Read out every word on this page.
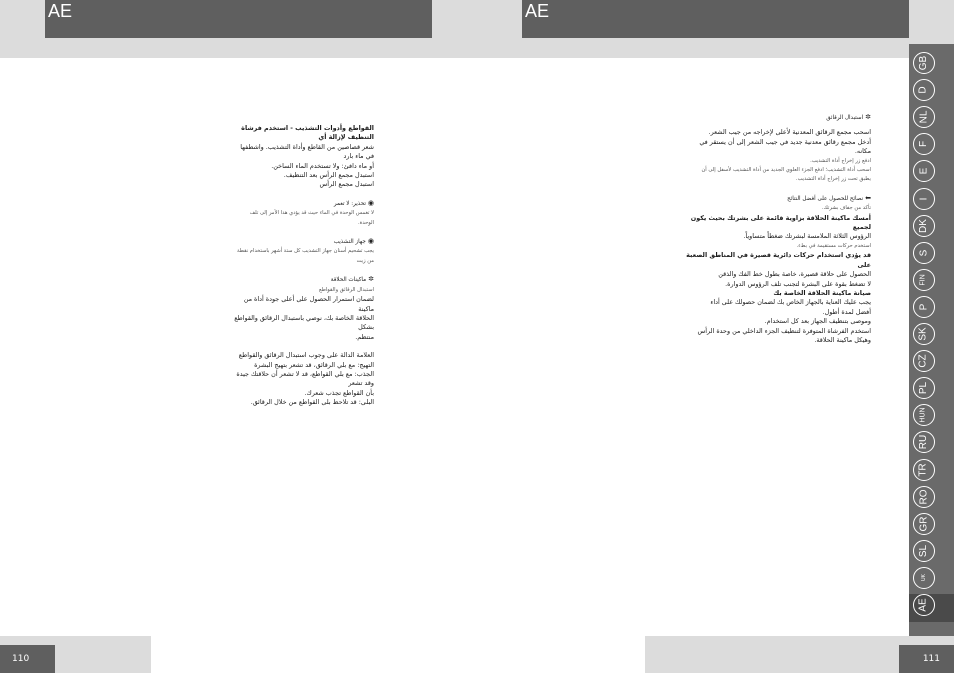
AE	AE

القواطع وأدوات التشذيب - استخدم فرشاة التنظيف لإزالة أي

شعر قصاصين من القاطع وأداة التشذيب. واشطفها في ماء بارد

أو ماء دافئ: ولا تستخدم الماء الساخن.

استبدل مجمع الرأس بعد التنظيف.

استبدل مجمع الرأس

◉تحذير: لا تغمر

لا تغمس الوحدة في الماء حيث قد يؤدي هذا الأمر إلى تلف الوحدة.

◉جهاز التشذيب

يجب تشحيم أسنان جهاز التشذيب كل ستة أشهر باستخدام نقطة من زيت

✲ماكينات الحلاقة

استبدال الرقائق والقواطع

لضمان استمرار الحصول على أعلى جودة أداة من ماكينة

الحلاقة الخاصة بك، نوصي باستبدال الرقائق والقواطع بشكل

منتظم.

العلامة الدالة على وجوب استبدال الرقائق والقواطع

التهيج: مع بلي الرقائق، قد تشعر بتهيج البشرة

الجذب: مع بلي القواطع، قد لا تشعر أن حلاقتك جيدة وقد تشعر

بأن القواطع تجذب شعرك.

البلى: قد تلاحظ بلى القواطع من خلال الرقائق.

✲استبدال الرقائق

اسحب مجمع الرقائق المعدنية لأعلى لإخراجه من جيب الشعر.

أدخل مجمع رقائق معدنية جديد في جيب الشعر إلى أن يستقر في

مكانه.

ادفع زر إخراج أداة التشذيب.

اسحب أداة التشذيب؛ ادفع الجزء العلوي الجديد من أداة التشذيب لأسفل إلى أن

يطبق تحت زر إخراج أداة التشذيب.

⬅نصائح للحصول على أفضل النتائج

تأكد من جفاف بشرتك.

أمسك ماكينة الحلاقة بزاوية قائمة على بشرتك بحيث يكون لجميع

الرؤوس الثلاثة الملامسة لبشرتك ضغطاً متساوياً.

استخدم حركات مستقيمة في بطء.

قد يؤدي استخدام حركات دائرية قصيرة في المناطق الصعبة على

الحصول على حلاقة قصيرة، خاصة بطول خط الفك والذقن

لا تضغط بقوة على البشرة لتجنب تلف الرؤوس الدوارة.

صيانة ماكينة الحلاقة الخاصة بك

يجب عليك العناية بالجهاز الخاص بك لضمان حصولك على أداء

أفضل لمدة أطول.

وموصى بتنظيف الجهاز بعد كل استخدام.

استخدم الفرشاة المتوفرة لتنظيف الجزء الداخلي من وحدة الرأس

وهيكل ماكينة الحلاقة.

GB
D
NL
F
E
I
DK
S
FIN
P
SK
CZ
PL
HUN
RU
TR
RO
GR
SL
UK
AE
110	111
